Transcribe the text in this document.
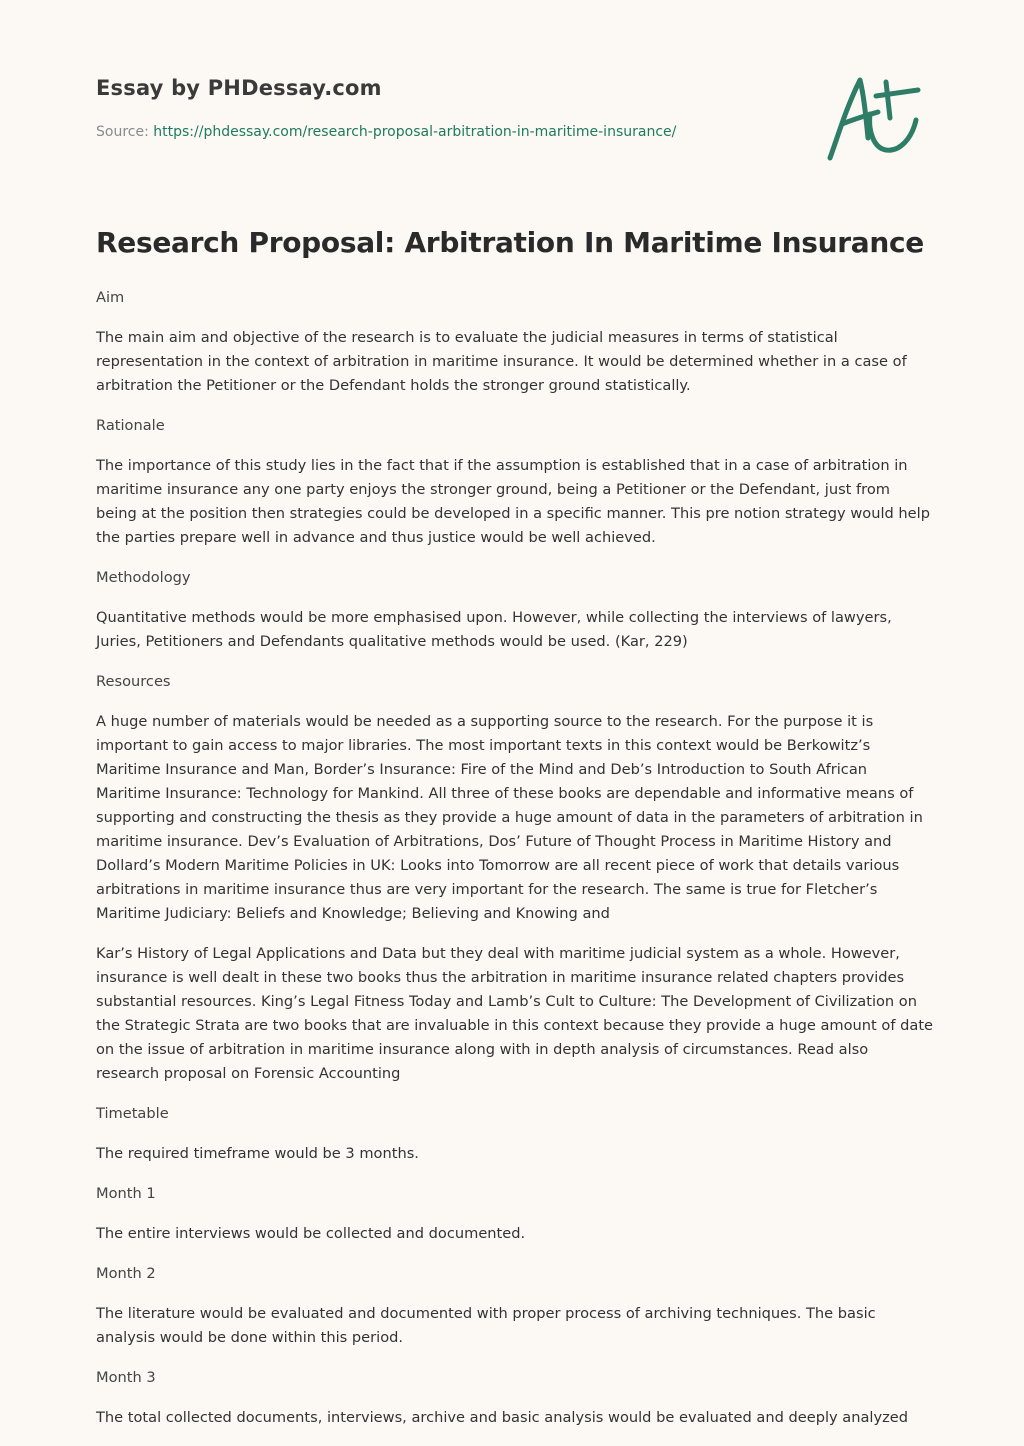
Essay by PHDessay.com
Source: https://phdessay.com/research-proposal-arbitration-in-maritime-insurance/
Research Proposal: Arbitration In Maritime Insurance

Aim

The main aim and objective of the research is to evaluate the judicial measures in terms of statistical representation in the context of arbitration in maritime insurance. It would be determined whether in a case of arbitration the Petitioner or the Defendant holds the stronger ground statistically.

Rationale

The importance of this study lies in the fact that if the assumption is established that in a case of arbitration in maritime insurance any one party enjoys the stronger ground, being a Petitioner or the Defendant, just from being at the position then strategies could be developed in a specific manner. This pre notion strategy would help the parties prepare well in advance and thus justice would be well achieved.

Methodology

Quantitative methods would be more emphasised upon. However, while collecting the interviews of lawyers, Juries, Petitioners and Defendants qualitative methods would be used. (Kar, 229)

Resources

A huge number of materials would be needed as a supporting source to the research. For the purpose it is important to gain access to major libraries. The most important texts in this context would be Berkowitz’s Maritime Insurance and Man, Border’s Insurance: Fire of the Mind and Deb’s Introduction to South African Maritime Insurance: Technology for Mankind. All three of these books are dependable and informative means of supporting and constructing the thesis as they provide a huge amount of data in the parameters of arbitration in maritime insurance. Dev’s Evaluation of Arbitrations, Dos’ Future of Thought Process in Maritime History and Dollard’s Modern Maritime Policies in UK: Looks into Tomorrow are all recent piece of work that details various arbitrations in maritime insurance thus are very important for the research. The same is true for Fletcher’s Maritime Judiciary: Beliefs and Knowledge; Believing and Knowing and

Kar’s History of Legal Applications and Data but they deal with maritime judicial system as a whole. However, insurance is well dealt in these two books thus the arbitration in maritime insurance related chapters provides substantial resources. King’s Legal Fitness Today and Lamb’s Cult to Culture: The Development of Civilization on the Strategic Strata are two books that are invaluable in this context because they provide a huge amount of date on the issue of arbitration in maritime insurance along with in depth analysis of circumstances. Read also research proposal on Forensic Accounting

Timetable

The required timeframe would be 3 months.

Month 1

The entire interviews would be collected and documented.

Month 2

The literature would be evaluated and documented with proper process of archiving techniques. The basic analysis would be done within this period.

Month 3

The total collected documents, interviews, archive and basic analysis would be evaluated and deeply analyzed
